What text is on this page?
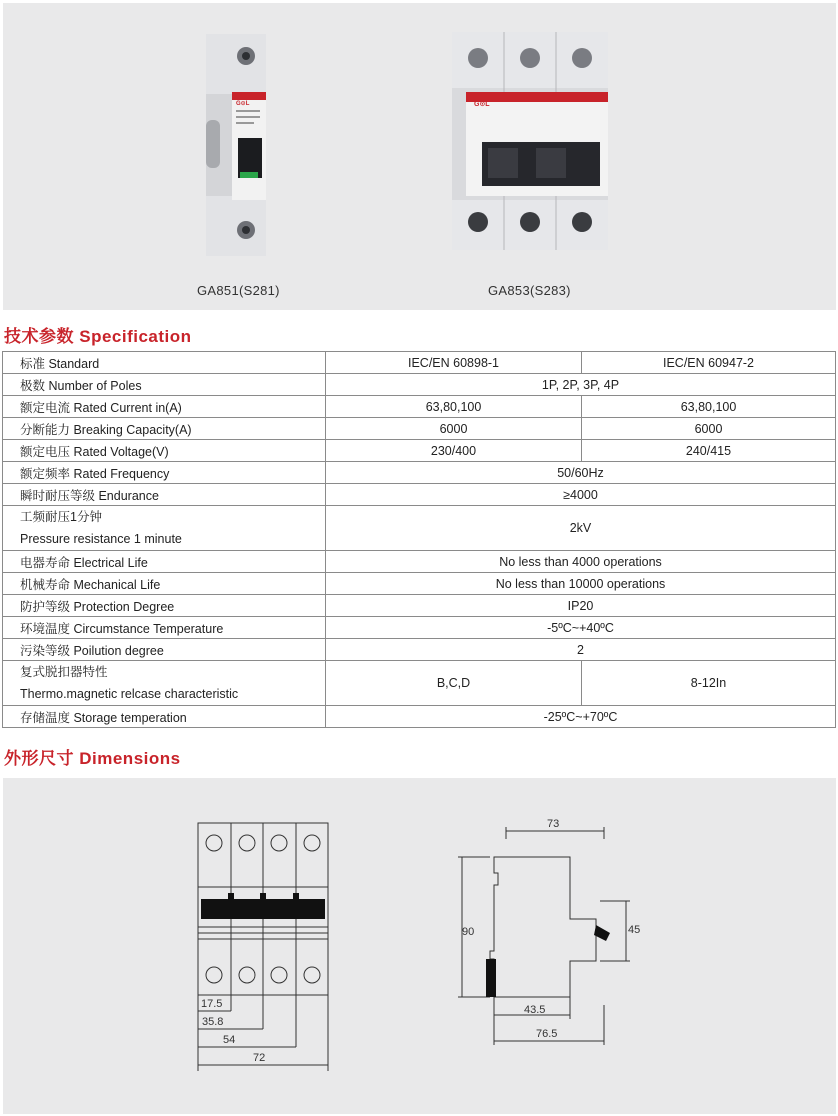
G⊙L
GA851(S281)
G⊙L
GA853(S283)
技术参数 Specification
标准 Standard	IEC/EN 60898-1	IEC/EN 60947-2
极数 Number of Poles	1P, 2P, 3P, 4P	
额定电流 Rated Current in(A)	63,80,100	63,80,100
分断能力 Breaking Capacity(A)	6000	6000
额定电压 Rated Voltage(V)	230/400	240/415
额定频率 Rated Frequency	50/60Hz	
瞬时耐压等级 Endurance	≥4000	

工频耐压1分钟
Pressure resistance 1 minute	2kV	
电器寿命 Electrical Life	No less than 4000 operations	
机械寿命 Mechanical Life	No less than 10000 operations	
防护等级 Protection Degree	IP20	
环境温度 Circumstance Temperature	-5ºC~+40ºC	
污染等级 Poilution degree	2	

复式脱扣器特性
Thermo.magnetic relcase characteristic	B,C,D	8-12In
存储温度 Storage temperation	-25ºC~+70ºC	
外形尺寸 Dimensions
17.5
35.8
54
72
73
90	45
43.5
76.5
